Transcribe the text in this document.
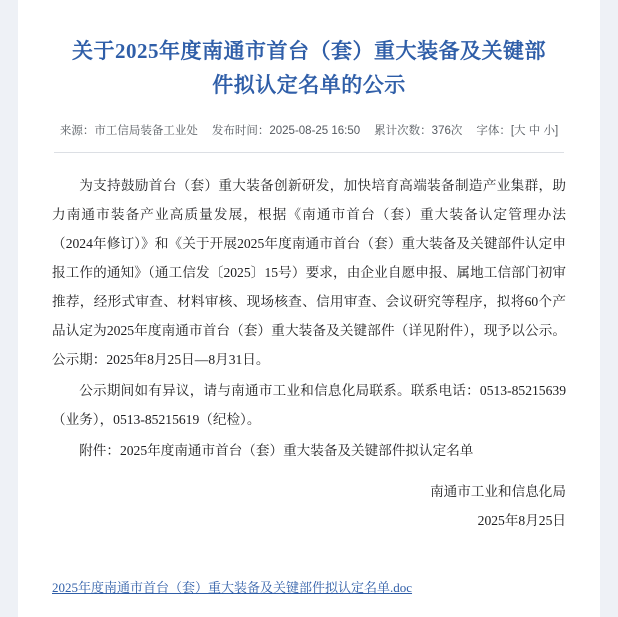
关于2025年度南通市首台（套）重大装备及关键部件拟认定名单的公示
来源：市工信局装备工业处 发布时间：2025-08-25 16:50 累计次数：376次 字体：[大 中 小]

为支持鼓励首台（套）重大装备创新研发，加快培育高端装备制造产业集群，助力南通市装备产业高质量发展，根据《南通市首台（套）重大装备认定管理办法（2024年修订）》和《关于开展2025年度南通市首台（套）重大装备及关键部件认定申报工作的通知》（通工信发〔2025〕15号）要求，由企业自愿申报、属地工信部门初审推荐，经形式审查、材料审核、现场核查、信用审查、会议研究等程序，拟将60个产品认定为2025年度南通市首台（套）重大装备及关键部件（详见附件），现予以公示。公示期：2025年8月25日—8月31日。

公示期间如有异议，请与南通市工业和信息化局联系。联系电话：0513-85215639（业务），0513-85215619（纪检）。

附件：2025年度南通市首台（套）重大装备及关键部件拟认定名单

南通市工业和信息化局
2025年8月25日
2025年度南通市首台（套）重大装备及关键部件拟认定名单.doc
